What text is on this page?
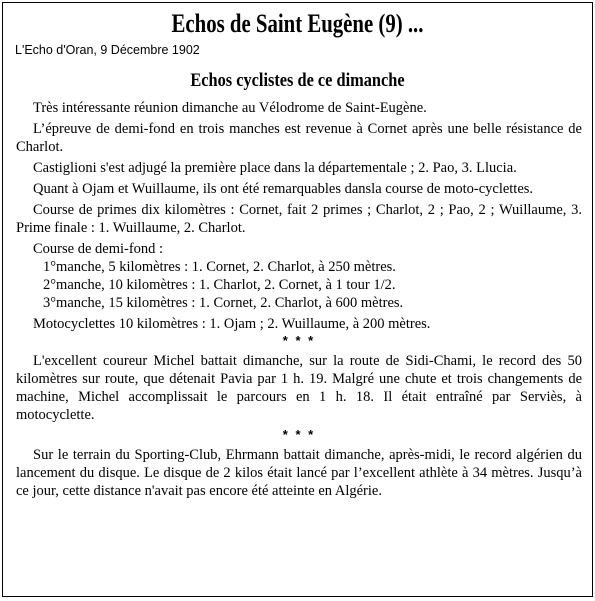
Echos de Saint Eugène (9) ...
L'Echo d'Oran, 9 Décembre 1902
Echos cyclistes de ce dimanche

Très intéressante réunion dimanche au Vélodrome de Saint-Eugène.

L’épreuve de demi-fond en trois manches est revenue à Cornet après une belle résistance de Charlot.

Castiglioni s'est adjugé la première place dans la départementale ; 2. Pao, 3. Llucia.

Quant à Ojam et Wuillaume, ils ont été remarquables dansla course de moto-cyclettes.

Course de primes dix kilomètres : Cornet, fait 2 primes ; Charlot, 2 ; Pao, 2 ; Wuillaume, 3. Prime finale : 1. Wuillaume, 2. Charlot.

Course de demi-fond :

1°manche, 5 kilomètres : 1. Cornet, 2. Charlot, à 250 mètres.
2°manche, 10 kilomètres : 1. Charlot, 2. Cornet, à 1 tour 1/2.
3°manche, 15 kilomètres : 1. Cornet, 2. Charlot, à 600 mètres.

Motocyclettes 10 kilomètres : 1. Ojam ; 2. Wuillaume, à 200 mètres.

* * *

L'excellent coureur Michel battait dimanche, sur la route de Sidi-Chami, le record des 50 kilomètres sur route, que détenait Pavia par 1 h. 19. Malgré une chute et trois changements de machine, Michel accomplissait le parcours en 1 h. 18. Il était entraîné par Serviès, à motocyclette.

* * *

Sur le terrain du Sporting-Club, Ehrmann battait dimanche, après-midi, le record algérien du lancement du disque. Le disque de 2 kilos était lancé par l’excellent athlète à 34 mètres. Jusqu’à ce jour, cette distance n'avait pas encore été atteinte en Algérie.
